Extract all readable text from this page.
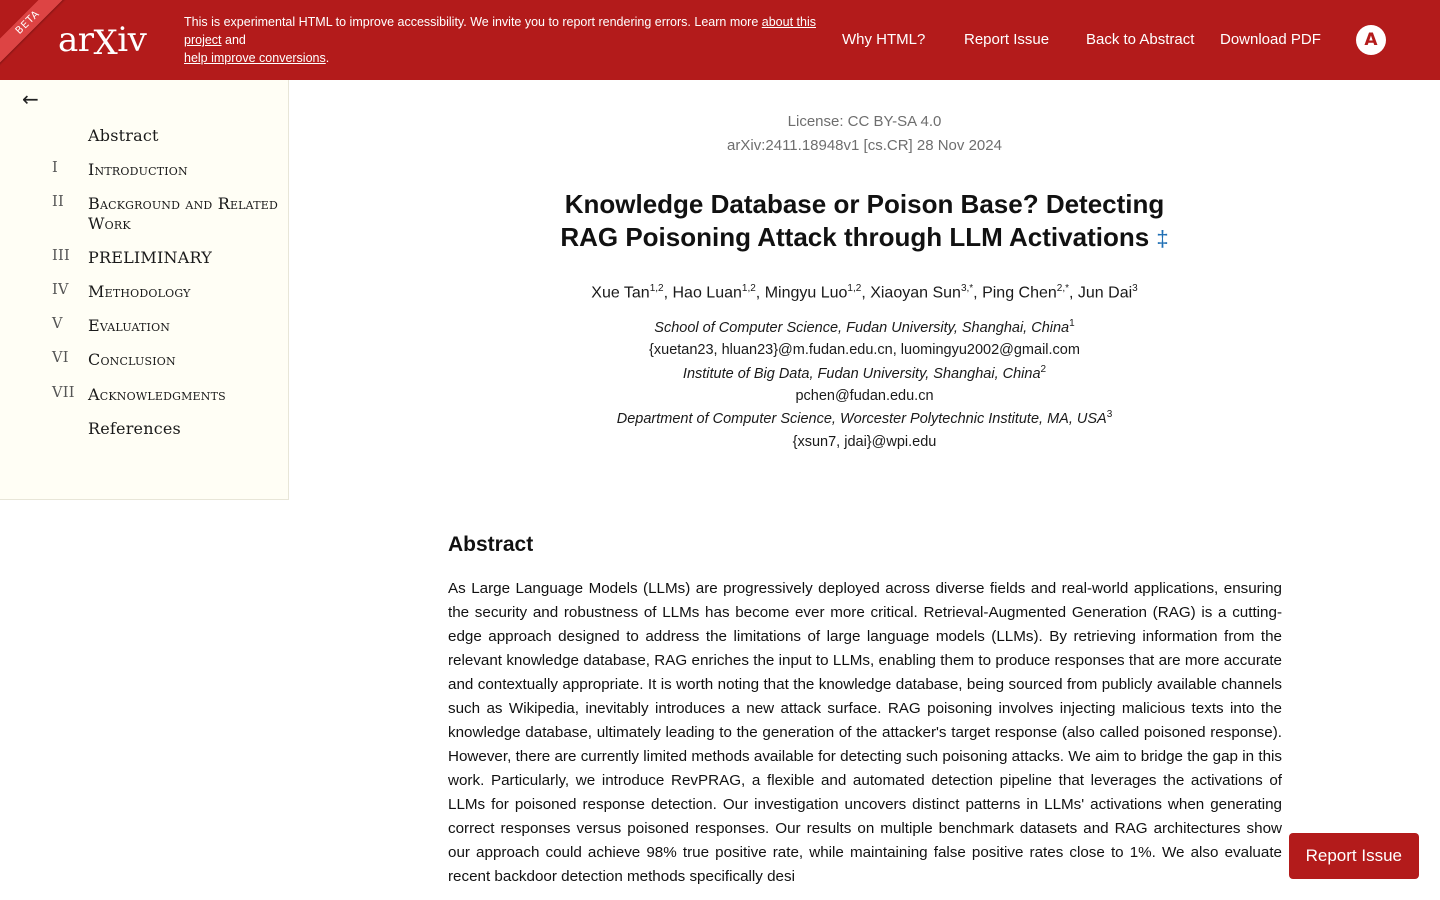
BETA arXiv	This is experimental HTML to improve accessibility. We invite you to report rendering errors. Learn more about this project and
help improve conversions.
Why HTML?	Report Issue	Back to Abstract	Download PDF	A
←
Abstract
I	Introduction
II	Background and Related Work
III	PRELIMINARY
IV	Methodology
V	Evaluation
VI	Conclusion
VII Acknowledgments
References
License: CC BY-SA 4.0
arXiv:2411.18948v1 [cs.CR] 28 Nov 2024
Knowledge Database or Poison Base? Detecting RAG Poisoning Attack through LLM Activations ‡
Xue Tan$^{1,2}$, Hao Luan$^{1,2}$, Mingyu Luo$^{1,2}$, Xiaoyan Sun$^{3,*}$, Ping Chen$^{2,*}$, Jun Dai$^3$
School of Computer Science, Fudan University, Shanghai, China$^1$
{xuetan23, hluan23}@m.fudan.edu.cn, luomingyu2002@gmail.com
Institute of Big Data, Fudan University, Shanghai, China$^2$
pchen@fudan.edu.cn
Department of Computer Science, Worcester Polytechnic Institute, MA, USA$^3$
{xsun7, jdai}@wpi.edu
Abstract

As Large Language Models (LLMs) are progressively deployed across diverse fields and real-world applications, ensuring the security and robustness of LLMs has become ever more critical. Retrieval-Augmented Generation (RAG) is a cutting-edge approach designed to address the limitations of large language models (LLMs). By retrieving information from the relevant knowledge database, RAG enriches the input to LLMs, enabling them to produce responses that are more accurate and contextually appropriate. It is worth noting that the knowledge database, being sourced from publicly available channels such as Wikipedia, inevitably introduces a new attack surface. RAG poisoning involves injecting malicious texts into the knowledge database, ultimately leading to the generation of the attacker's target response (also called poisoned response). However, there are currently limited methods available for detecting such poisoning attacks. We aim to bridge the gap in this work. Particularly, we introduce RevPRAG, a flexible and automated detection pipeline that leverages the activations of LLMs for poisoned response detection. Our investigation uncovers distinct patterns in LLMs' activations when generating correct responses versus poisoned responses. Our results on multiple benchmark datasets and RAG architectures show our approach could achieve 98% true positive rate, while maintaining false positive rates close to 1%. We also evaluate recent backdoor detection methods specifically desi

Report Issue
